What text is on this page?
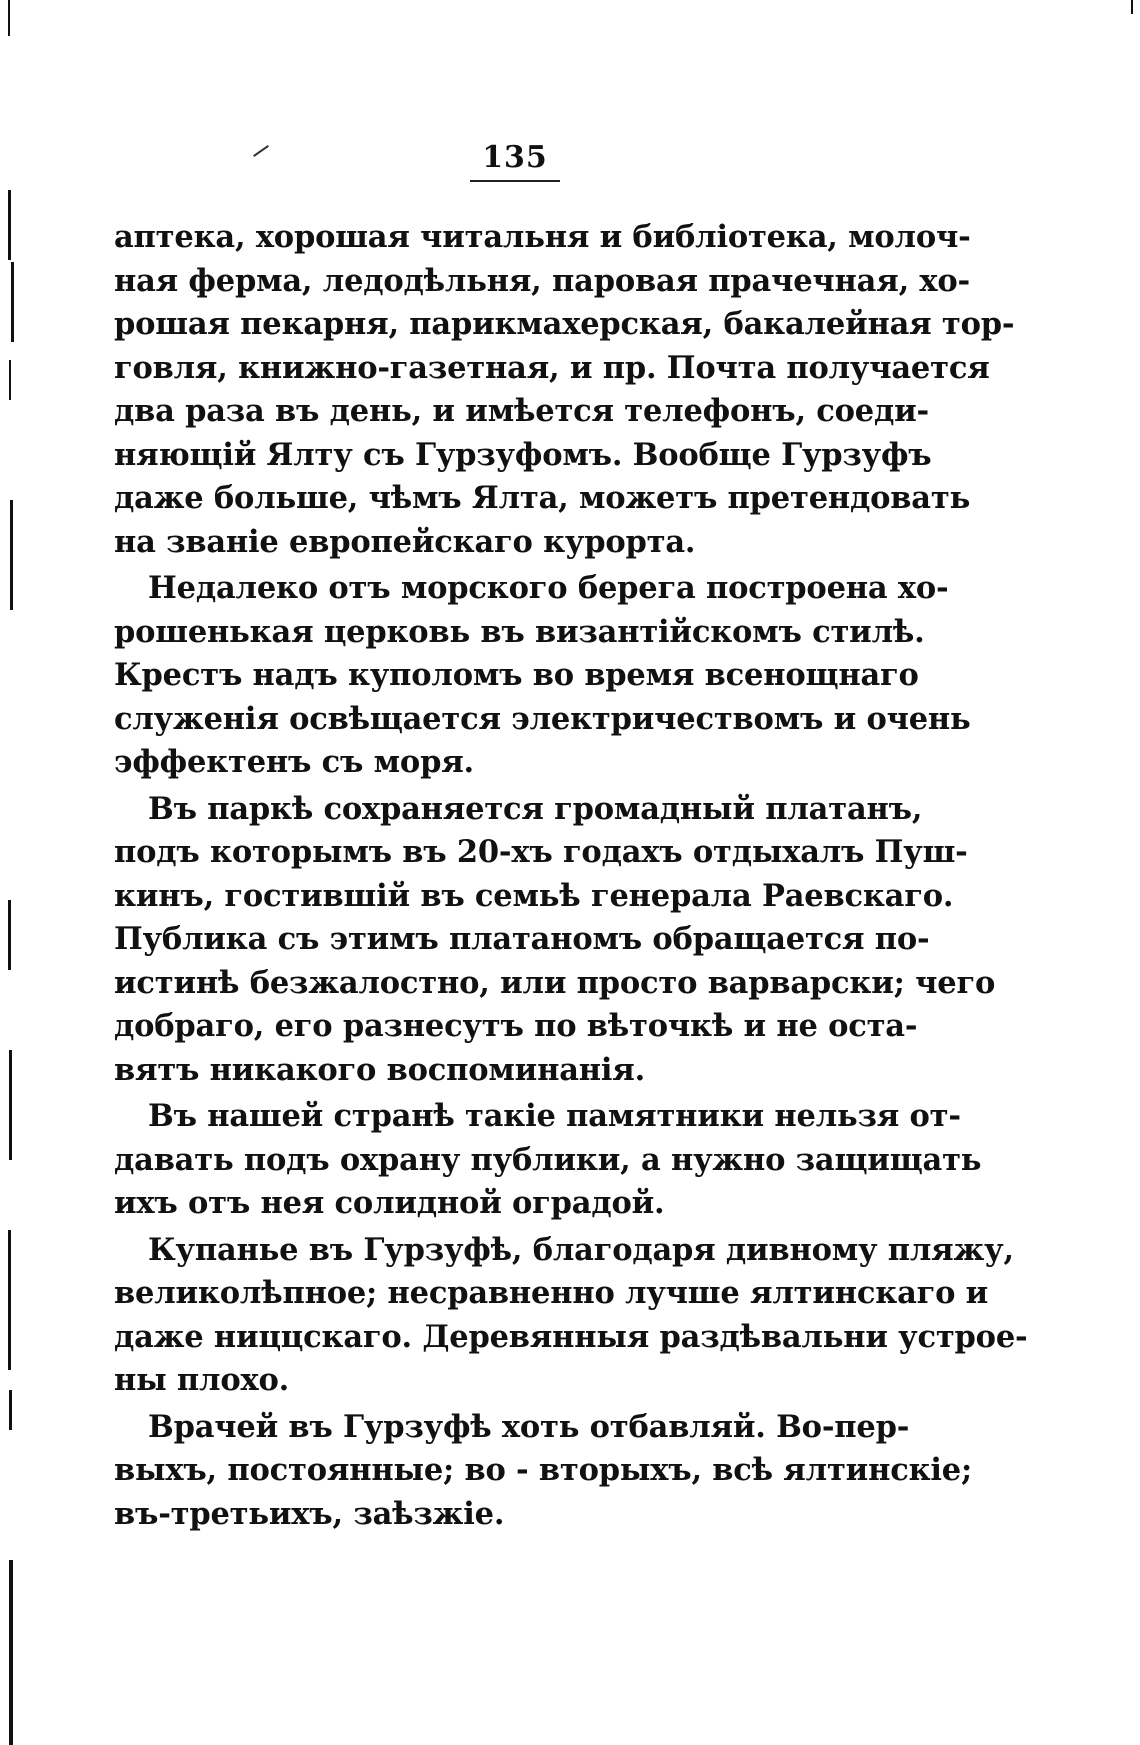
135
аптека, хорошая читальня и библіотека, молоч-
ная ферма, ледодѣльня, паровая прачечная, хо-
рошая пекарня, парикмахерская, бакалейная тор-
говля, книжно-газетная, и пр. Почта получается
два раза въ день, и имѣется телефонъ, соеди-
няющій Ялту съ Гурзуфомъ. Вообще Гурзуфъ
даже больше, чѣмъ Ялта, можетъ претендовать
на званіе европейскаго курорта.
Недалеко отъ морского берега построена хо-
рошенькая церковь въ византійскомъ стилѣ.
Крестъ надъ куполомъ во время всенощнаго
служенія освѣщается электричествомъ и очень
эффектенъ съ моря.
Въ паркѣ сохраняется громадный платанъ,
подъ которымъ въ 20-хъ годахъ отдыхалъ Пуш-
кинъ, гостившій въ семьѣ генерала Раевскаго.
Публика съ этимъ платаномъ обращается по-
истинѣ безжалостно, или просто варварски; чего
добраго, его разнесутъ по вѣточкѣ и не оста-
вятъ никакого воспоминанія.
Въ нашей странѣ такіе памятники нельзя от-
давать подъ охрану публики, а нужно защищать
ихъ отъ нея солидной оградой.
Купанье въ Гурзуфѣ, благодаря дивному пляжу,
великолѣпное; несравненно лучше ялтинскаго и
даже ниццскаго. Деревянныя раздѣвальни устрое-
ны плохо.
Врачей въ Гурзуфѣ хоть отбавляй. Во-пер-
выхъ, постоянные; во - вторыхъ, всѣ ялтинскіе;
въ-третьихъ, заѣзжіе.
